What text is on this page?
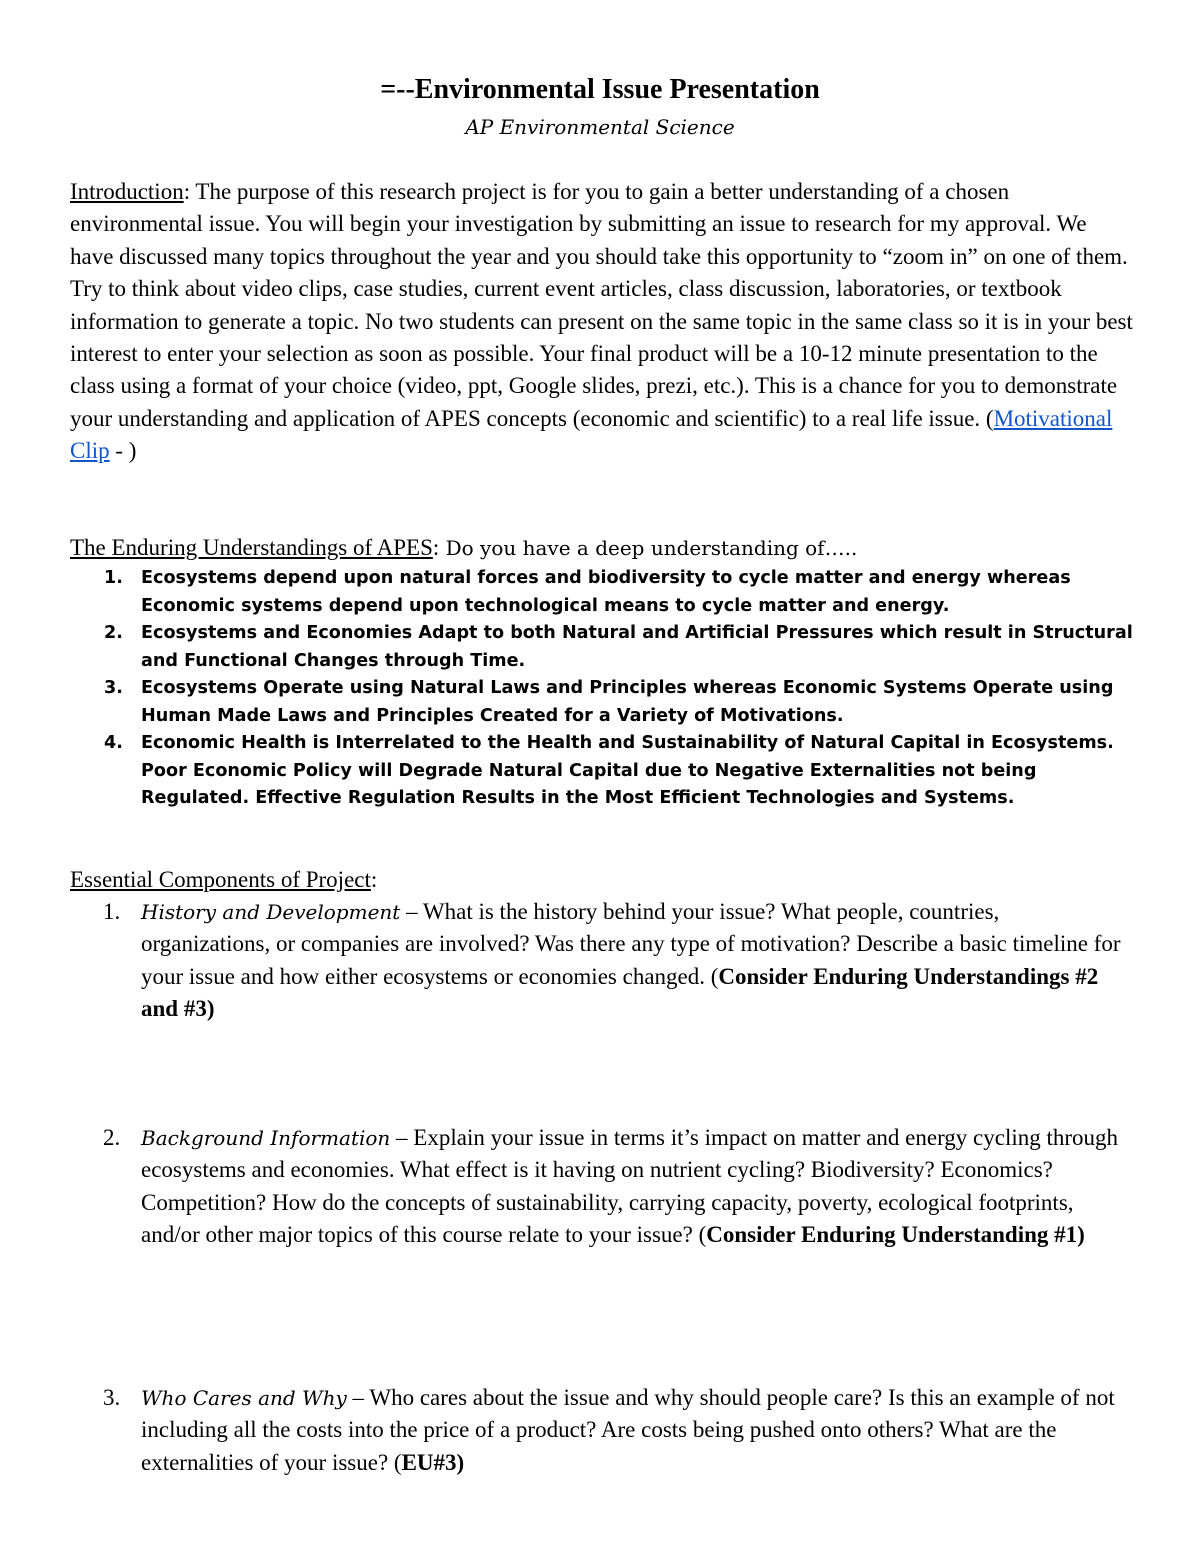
=--Environmental Issue Presentation
AP Environmental Science
Introduction: The purpose of this research project is for you to gain a better understanding of a chosen environmental issue. You will begin your investigation by submitting an issue to research for my approval. We have discussed many topics throughout the year and you should take this opportunity to “zoom in” on one of them. Try to think about video clips, case studies, current event articles, class discussion, laboratories, or textbook information to generate a topic. No two students can present on the same topic in the same class so it is in your best interest to enter your selection as soon as possible. Your final product will be a 10-12 minute presentation to the class using a format of your choice (video, ppt, Google slides, prezi, etc.). This is a chance for you to demonstrate your understanding and application of APES concepts (economic and scientific) to a real life issue. (Motivational Clip - )
The Enduring Understandings of APES: Do you have a deep understanding of…..
1. Ecosystems depend upon natural forces and biodiversity to cycle matter and energy whereas Economic systems depend upon technological means to cycle matter and energy.
2. Ecosystems and Economies Adapt to both Natural and Artificial Pressures which result in Structural and Functional Changes through Time.
3. Ecosystems Operate using Natural Laws and Principles whereas Economic Systems Operate using Human Made Laws and Principles Created for a Variety of Motivations.
4. Economic Health is Interrelated to the Health and Sustainability of Natural Capital in Ecosystems. Poor Economic Policy will Degrade Natural Capital due to Negative Externalities not being Regulated. Effective Regulation Results in the Most Efficient Technologies and Systems.
Essential Components of Project:
1. History and Development – What is the history behind your issue? What people, countries, organizations, or companies are involved? Was there any type of motivation? Describe a basic timeline for your issue and how either ecosystems or economies changed. (Consider Enduring Understandings #2 and #3)
2. Background Information – Explain your issue in terms it’s impact on matter and energy cycling through ecosystems and economies. What effect is it having on nutrient cycling? Biodiversity? Economics? Competition? How do the concepts of sustainability, carrying capacity, poverty, ecological footprints, and/or other major topics of this course relate to your issue? (Consider Enduring Understanding #1)
3. Who Cares and Why – Who cares about the issue and why should people care? Is this an example of not including all the costs into the price of a product? Are costs being pushed onto others? What are the externalities of your issue? (EU#3)
